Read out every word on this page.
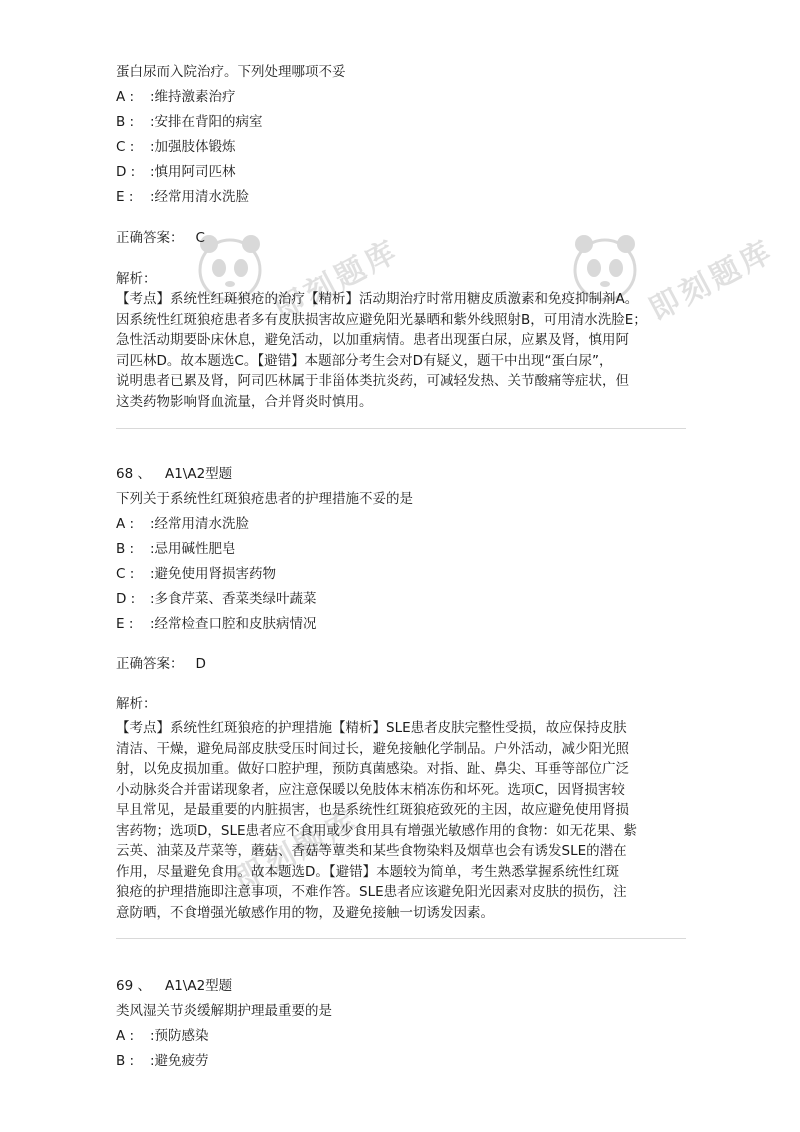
即刻题库	即刻题库
即刻题库
蛋白尿而入院治疗。下列处理哪项不妥
A : :维持激素治疗
B : :安排在背阳的病室
C : :加强肢体锻炼
D : :慎用阿司匹林
E : :经常用清水洗脸
正确答案： C
解析：
【考点】系统性红斑狼疮的治疗【精析】活动期治疗时常用糖皮质激素和免疫抑制剂A。
因系统性红斑狼疮患者多有皮肤损害故应避免阳光暴晒和紫外线照射B，可用清水洗脸E；
急性活动期要卧床休息，避免活动，以加重病情。患者出现蛋白尿，应累及肾，慎用阿
司匹林D。故本题选C。【避错】本题部分考生会对D有疑义，题干中出现“蛋白尿”，
说明患者已累及肾，阿司匹林属于非甾体类抗炎药，可减轻发热、关节酸痛等症状，但
这类药物影响肾血流量，合并肾炎时慎用。
68 、 A1\A2型题
下列关于系统性红斑狼疮患者的护理措施不妥的是
A : :经常用清水洗脸
B : :忌用碱性肥皂
C : :避免使用肾损害药物
D : :多食芹菜、香菜类绿叶蔬菜
E : :经常检查口腔和皮肤病情况
正确答案： D
解析：
【考点】系统性红斑狼疮的护理措施【精析】SLE患者皮肤完整性受损，故应保持皮肤
清洁、干燥，避免局部皮肤受压时间过长，避免接触化学制品。户外活动，减少阳光照
射，以免皮损加重。做好口腔护理，预防真菌感染。对指、趾、鼻尖、耳垂等部位广泛
小动脉炎合并雷诺现象者，应注意保暖以免肢体末梢冻伤和坏死。选项C，因肾损害较
早且常见，是最重要的内脏损害，也是系统性红斑狼疮致死的主因，故应避免使用肾损
害药物；选项D，SLE患者应不食用或少食用具有增强光敏感作用的食物：如无花果、紫
云英、油菜及芹菜等，蘑菇、香菇等蕈类和某些食物染料及烟草也会有诱发SLE的潜在
作用，尽量避免食用。故本题选D。【避错】本题较为简单，考生熟悉掌握系统性红斑
狼疮的护理措施即注意事项，不难作答。SLE患者应该避免阳光因素对皮肤的损伤，注
意防晒，不食增强光敏感作用的物，及避免接触一切诱发因素。
69 、 A1\A2型题
类风湿关节炎缓解期护理最重要的是
A : :预防感染
B : :避免疲劳
